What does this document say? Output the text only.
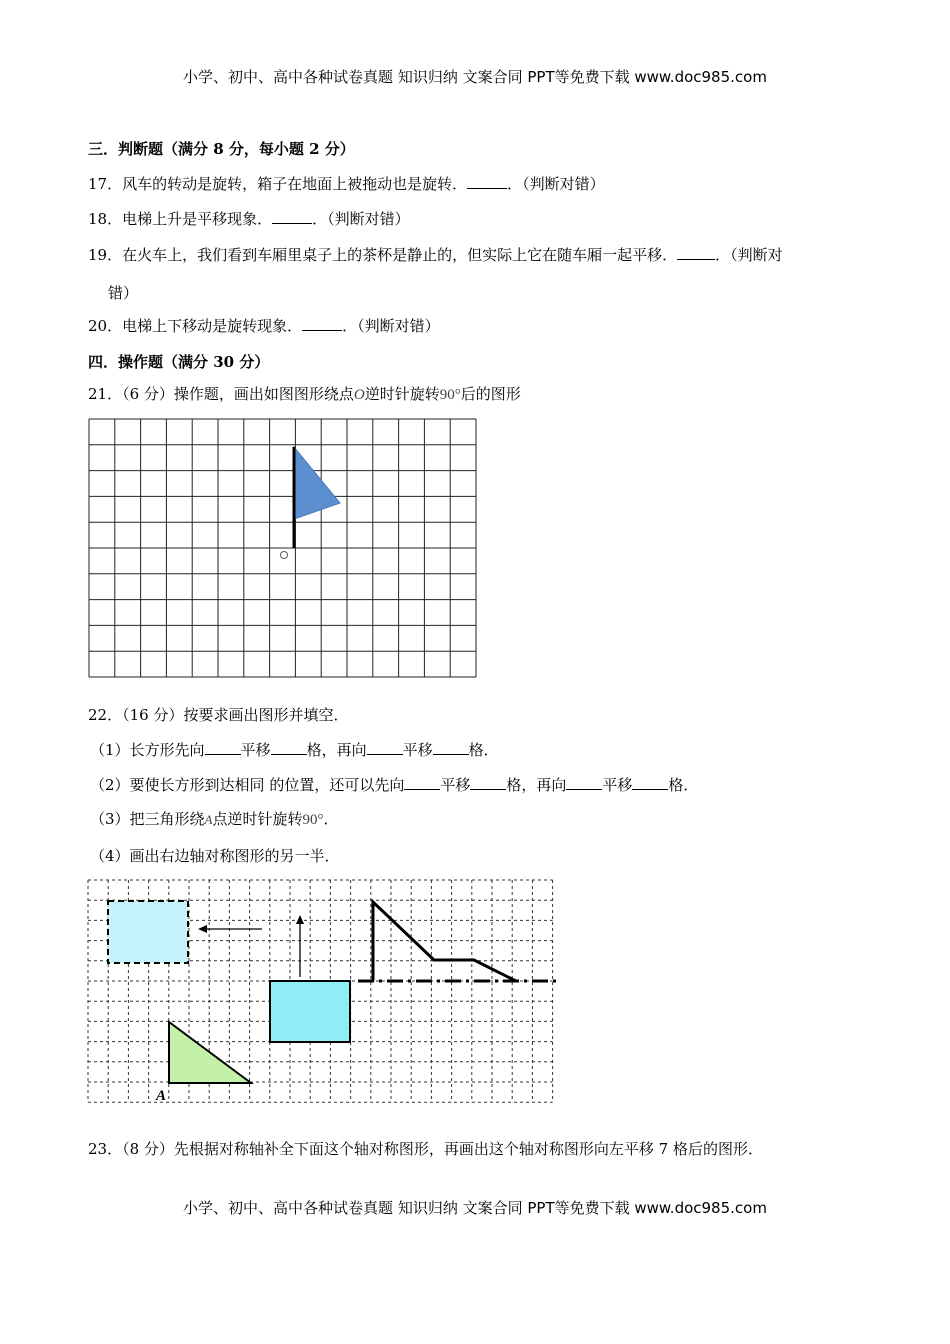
小学、初中、高中各种试卷真题 知识归纳 文案合同 PPT等免费下载 www.doc985.com
三．判断题（满分 8 分，每小题 2 分）
17．风车的转动是旋转，箱子在地面上被拖动也是旋转．	．（判断对错）
18．电梯上升是平移现象．	．（判断对错）
19．在火车上，我们看到车厢里桌子上的茶杯是静止的，但实际上它在随车厢一起平移．	．（判断对
错）
20．电梯上下移动是旋转现象．	．（判断对错）
四．操作题（满分 30 分）
21．（6 分）操作题，画出如图图形绕点O逆时针旋转90°后的图形
22．（16 分）按要求画出图形并填空．
（1）长方形先向 平移 格，再向 平移 格．
（2）要使长方形到达相同 的位置，还可以先向 平移 格，再向 平移 格．
（3）把三角形绕A点逆时针旋转90°．
（4）画出右边轴对称图形的另一半．
A
23．（8 分）先根据对称轴补全下面这个轴对称图形，再画出这个轴对称图形向左平移 7 格后的图形．
小学、初中、高中各种试卷真题 知识归纳 文案合同 PPT等免费下载 www.doc985.com
